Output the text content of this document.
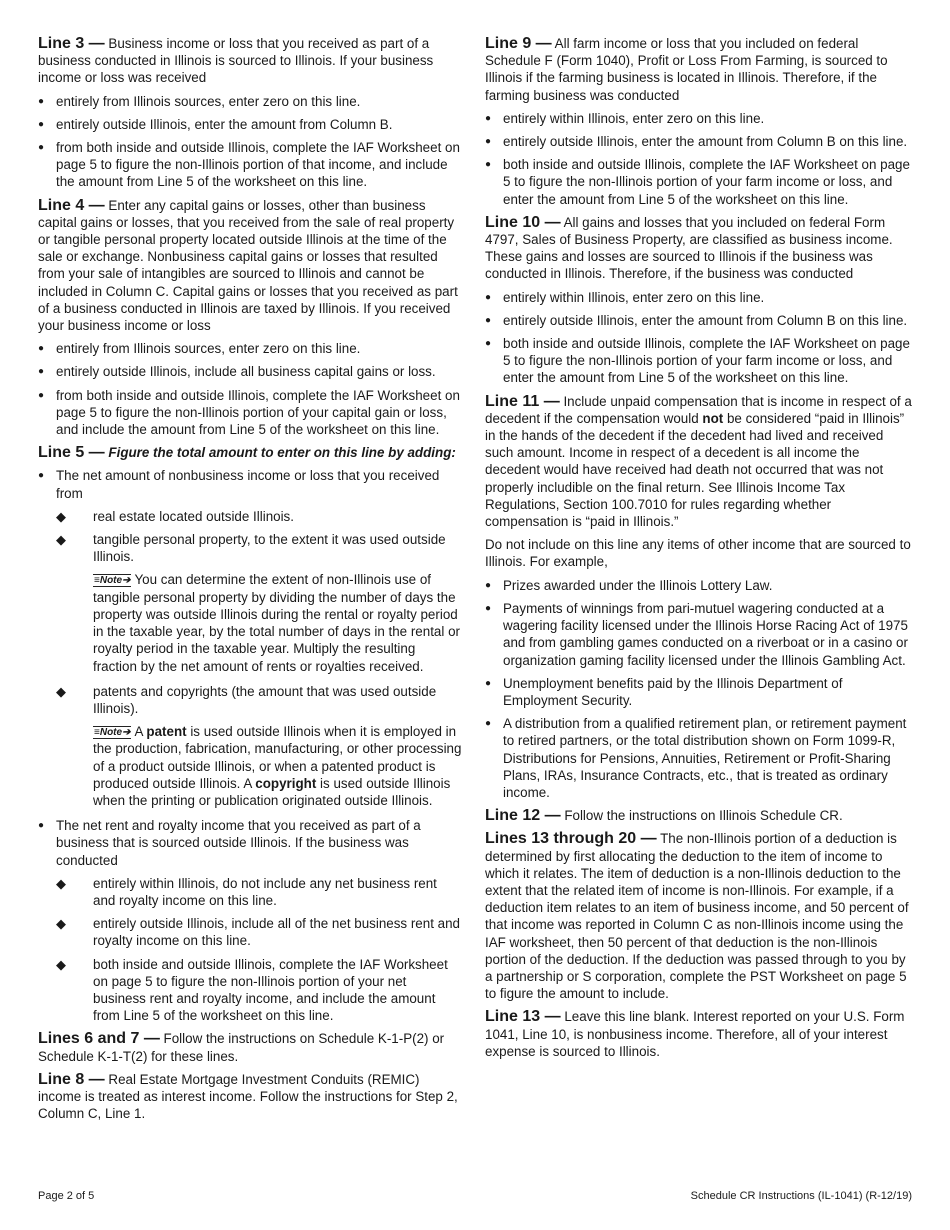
Line 3 — Business income or loss that you received as part of a business conducted in Illinois is sourced to Illinois. If your business income or loss was received

● entirely from Illinois sources, enter zero on this line.
● entirely outside Illinois, enter the amount from Column B.
● from both inside and outside Illinois, complete the IAF Worksheet on page 5 to figure the non-Illinois portion of that income, and include the amount from Line 5 of the worksheet on this line.

Line 4 — Enter any capital gains or losses, other than business capital gains or losses, that you received from the sale of real property or tangible personal property located outside Illinois at the time of the sale or exchange. Nonbusiness capital gains or losses that resulted from your sale of intangibles are sourced to Illinois and cannot be included in Column C. Capital gains or losses that you received as part of a business conducted in Illinois are taxed by Illinois. If you received your business income or loss

● entirely from Illinois sources, enter zero on this line.
● entirely outside Illinois, include all business capital gains or loss.
● from both inside and outside Illinois, complete the IAF Worksheet on page 5 to figure the non-Illinois portion of your capital gain or loss, and include the amount from Line 5 of the worksheet on this line.

Line 5 — Figure the total amount to enter on this line by adding:

● The net amount of nonbusiness income or loss that you received from
◆ real estate located outside Illinois.
◆ tangible personal property, to the extent it was used outside Illinois.
≡Note➔ You can determine the extent of non-Illinois use of tangible personal property by dividing the number of days the property was outside Illinois during the rental or royalty period in the taxable year, by the total number of days in the rental or royalty period in the taxable year. Multiply the resulting fraction by the net amount of rents or royalties received.
◆ patents and copyrights (the amount that was used outside Illinois).
≡Note➔ A patent is used outside Illinois when it is employed in the production, fabrication, manufacturing, or other processing of a product outside Illinois, or when a patented product is produced outside Illinois. A copyright is used outside Illinois when the printing or publication originated outside Illinois.
● The net rent and royalty income that you received as part of a business that is sourced outside Illinois. If the business was conducted
◆ entirely within Illinois, do not include any net business rent and royalty income on this line.
◆ entirely outside Illinois, include all of the net business rent and royalty income on this line.
◆ both inside and outside Illinois, complete the IAF Worksheet on page 5 to figure the non-Illinois portion of your net business rent and royalty income, and include the amount from Line 5 of the worksheet on this line.

Lines 6 and 7 — Follow the instructions on Schedule K-1-P(2) or Schedule K-1-T(2) for these lines.

Line 8 — Real Estate Mortgage Investment Conduits (REMIC) income is treated as interest income. Follow the instructions for Step 2, Column C, Line 1.

Line 9 — All farm income or loss that you included on federal Schedule F (Form 1040), Profit or Loss From Farming, is sourced to Illinois if the farming business is located in Illinois. Therefore, if the farming business was conducted

● entirely within Illinois, enter zero on this line.
● entirely outside Illinois, enter the amount from Column B on this line.
● both inside and outside Illinois, complete the IAF Worksheet on page 5 to figure the non-Illinois portion of your farm income or loss, and enter the amount from Line 5 of the worksheet on this line.

Line 10 — All gains and losses that you included on federal Form 4797, Sales of Business Property, are classified as business income. These gains and losses are sourced to Illinois if the business was conducted in Illinois. Therefore, if the business was conducted

● entirely within Illinois, enter zero on this line.
● entirely outside Illinois, enter the amount from Column B on this line.
● both inside and outside Illinois, complete the IAF Worksheet on page 5 to figure the non-Illinois portion of your farm income or loss, and enter the amount from Line 5 of the worksheet on this line.

Line 11 — Include unpaid compensation that is income in respect of a decedent if the compensation would not be considered “paid in Illinois” in the hands of the decedent if the decedent had lived and received such amount. Income in respect of a decedent is all income the decedent would have received had death not occurred that was not properly includible on the final return. See Illinois Income Tax Regulations, Section 100.7010 for rules regarding whether compensation is “paid in Illinois.”

Do not include on this line any items of other income that are sourced to Illinois. For example,

● Prizes awarded under the Illinois Lottery Law.
● Payments of winnings from pari-mutuel wagering conducted at a wagering facility licensed under the Illinois Horse Racing Act of 1975 and from gambling games conducted on a riverboat or in a casino or organization gaming facility licensed under the Illinois Gambling Act.
● Unemployment benefits paid by the Illinois Department of Employment Security.
● A distribution from a qualified retirement plan, or retirement payment to retired partners, or the total distribution shown on Form 1099-R, Distributions for Pensions, Annuities, Retirement or Profit-Sharing Plans, IRAs, Insurance Contracts, etc., that is treated as ordinary income.

Line 12 — Follow the instructions on Illinois Schedule CR.

Lines 13 through 20 — The non-Illinois portion of a deduction is determined by first allocating the deduction to the item of income to which it relates. The item of deduction is a non-Illinois deduction to the extent that the related item of income is non-Illinois. For example, if a deduction item relates to an item of business income, and 50 percent of that income was reported in Column C as non-Illinois income using the IAF worksheet, then 50 percent of that deduction is the non-Illinois portion of the deduction. If the deduction was passed through to you by a partnership or S corporation, complete the PST Worksheet on page 5 to figure the amount to include.

Line 13 — Leave this line blank. Interest reported on your U.S. Form 1041, Line 10, is nonbusiness income. Therefore, all of your interest expense is sourced to Illinois.

Page 2 of 5	Schedule CR Instructions (IL-1041) (R-12/19)
